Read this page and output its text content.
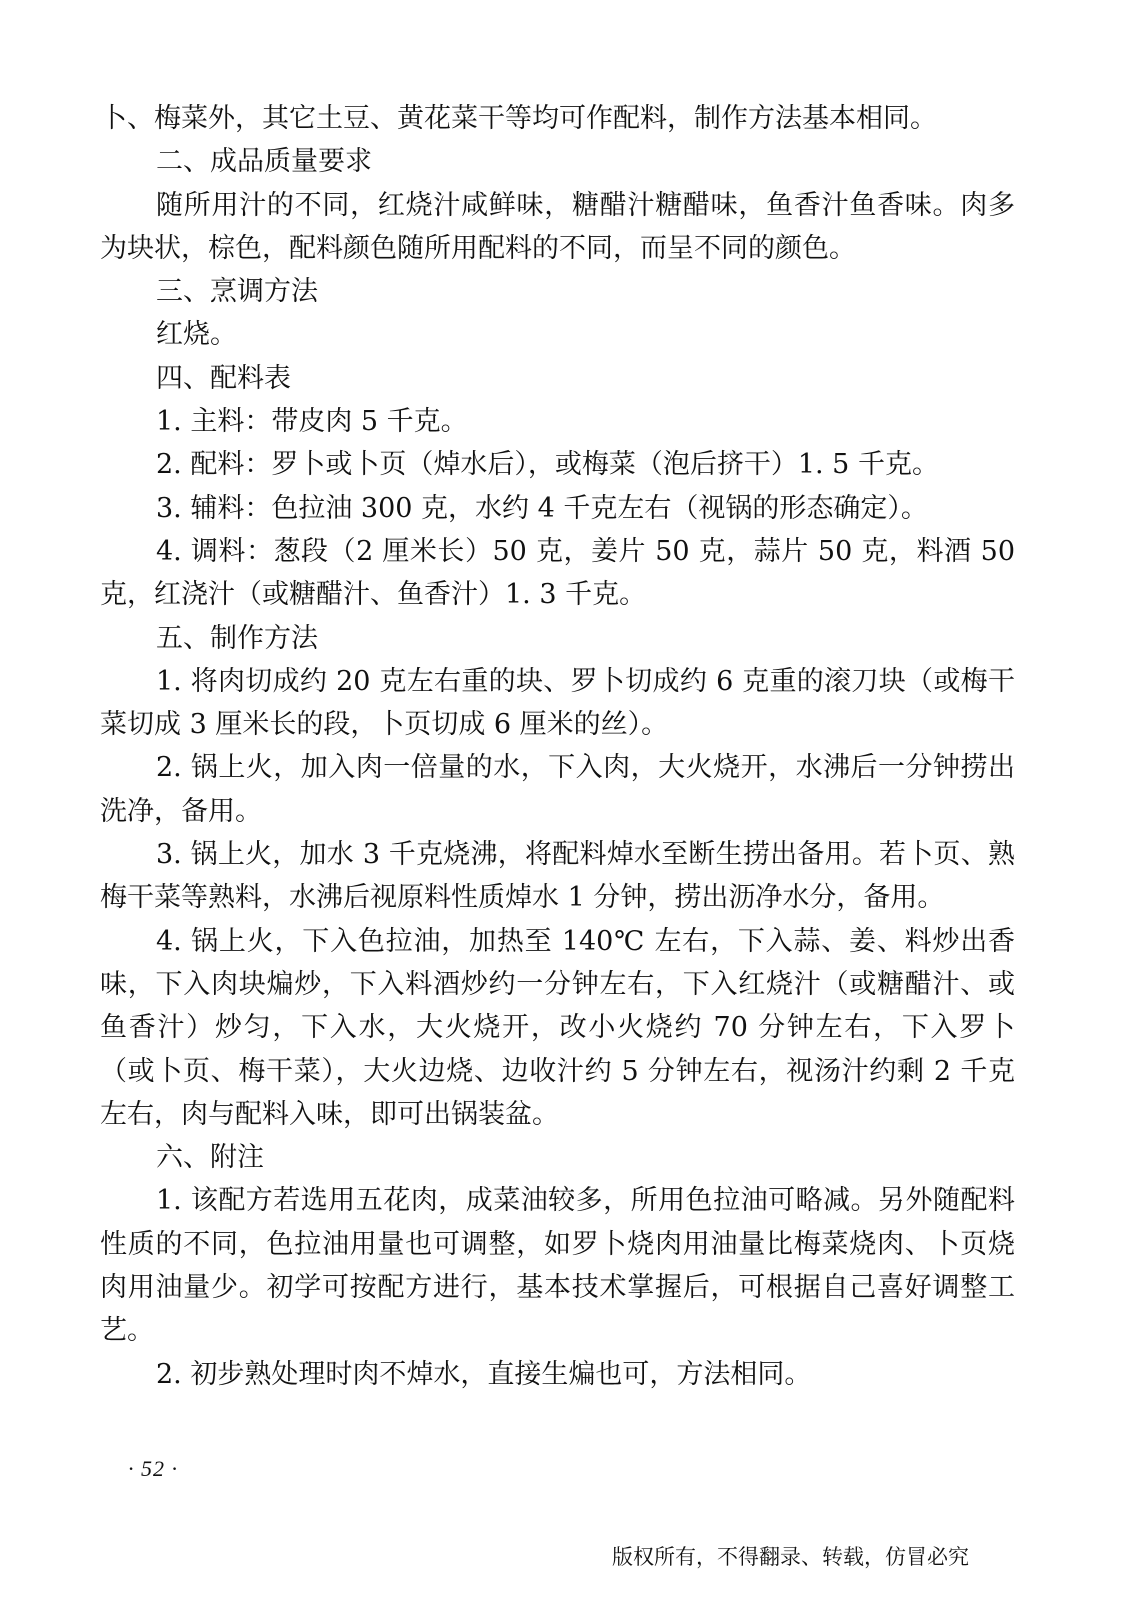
卜、梅菜外，其它土豆、黄花菜干等均可作配料，制作方法基本相同。

二、成品质量要求

随所用汁的不同，红烧汁咸鲜味，糖醋汁糖醋味，鱼香汁鱼香味。肉多为块状，棕色，配料颜色随所用配料的不同，而呈不同的颜色。

三、烹调方法

红烧。

四、配料表

1. 主料：带皮肉 5 千克。

2. 配料：罗卜或卜页（焯水后），或梅菜（泡后挤干）1. 5 千克。

3. 辅料：色拉油 300 克，水约 4 千克左右（视锅的形态确定）。

4. 调料：葱段（2 厘米长）50 克，姜片 50 克，蒜片 50 克，料酒 50 克，红浇汁（或糖醋汁、鱼香汁）1. 3 千克。

五、制作方法

1. 将肉切成约 20 克左右重的块、罗卜切成约 6 克重的滚刀块（或梅干菜切成 3 厘米长的段，卜页切成 6 厘米的丝）。

2. 锅上火，加入肉一倍量的水，下入肉，大火烧开，水沸后一分钟捞出洗净，备用。

3. 锅上火，加水 3 千克烧沸，将配料焯水至断生捞出备用。若卜页、熟梅干菜等熟料，水沸后视原料性质焯水 1 分钟，捞出沥净水分，备用。

4. 锅上火，下入色拉油，加热至 140℃ 左右，下入蒜、姜、料炒出香味，下入肉块煸炒，下入料酒炒约一分钟左右，下入红烧汁（或糖醋汁、或鱼香汁）炒匀，下入水，大火烧开，改小火烧约 70 分钟左右，下入罗卜（或卜页、梅干菜），大火边烧、边收汁约 5 分钟左右，视汤汁约剩 2 千克左右，肉与配料入味，即可出锅装盆。

六、附注

1. 该配方若选用五花肉，成菜油较多，所用色拉油可略减。另外随配料性质的不同，色拉油用量也可调整，如罗卜烧肉用油量比梅菜烧肉、卜页烧肉用油量少。初学可按配方进行，基本技术掌握后，可根据自己喜好调整工艺。

2. 初步熟处理时肉不焯水，直接生煸也可，方法相同。

· 52 ·
版权所有，不得翻录、转载，仿冒必究
